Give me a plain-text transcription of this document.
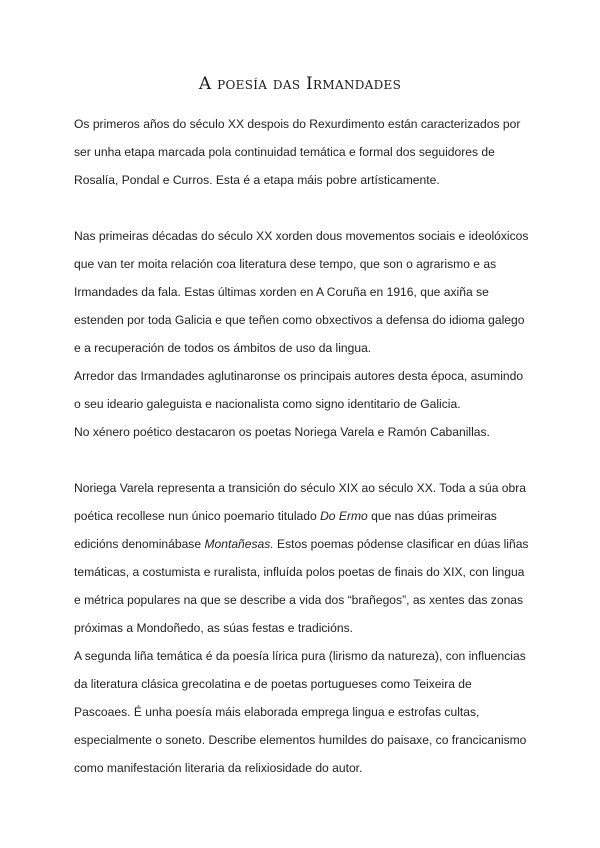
A poesía das Irmandades
Os primeros años do século XX despois do Rexurdimento están caracterizados por
ser unha etapa marcada pola continuidad temática e formal dos seguidores de
Rosalía, Pondal e Curros. Esta é a etapa máis pobre artísticamente.
Nas primeiras décadas do século XX xorden dous movementos sociais e ideolóxicos
que van ter moita relación coa literatura dese tempo, que son o agrarismo e as
Irmandades da fala. Estas últimas xorden en A Coruña en 1916, que axiña se
estenden por toda Galicia e que teñen como obxectivos a defensa do idioma galego
e a recuperación de todos os ámbitos de uso da lingua.
Arredor das Irmandades aglutinaronse os principais autores desta época, asumindo
o seu ideario galeguista e nacionalista como signo identitario de Galicia.
No xénero poético destacaron os poetas Noriega Varela e Ramón Cabanillas.
Noriega Varela representa a transición do século XIX ao século XX. Toda a súa obra
poética recollese nun único poemario titulado Do Ermo que nas dúas primeiras
edicións denominábase Montañesas. Estos poemas pódense clasificar en dúas liñas
temáticas, a costumista e ruralista, influída polos poetas de finais do XIX, con lingua
e métrica populares na que se describe a vida dos “brañegos”, as xentes das zonas
próximas a Mondoñedo, as súas festas e tradicións.
A segunda liña temática é da poesía lírica pura (lirismo da natureza), con influencias
da literatura clásica grecolatina e de poetas portugueses como Teixeira de
Pascoaes. É unha poesía máis elaborada emprega lingua e estrofas cultas,
especialmente o soneto. Describe elementos humildes do paisaxe, co francicanismo
como manifestación literaria da relixiosidade do autor.
